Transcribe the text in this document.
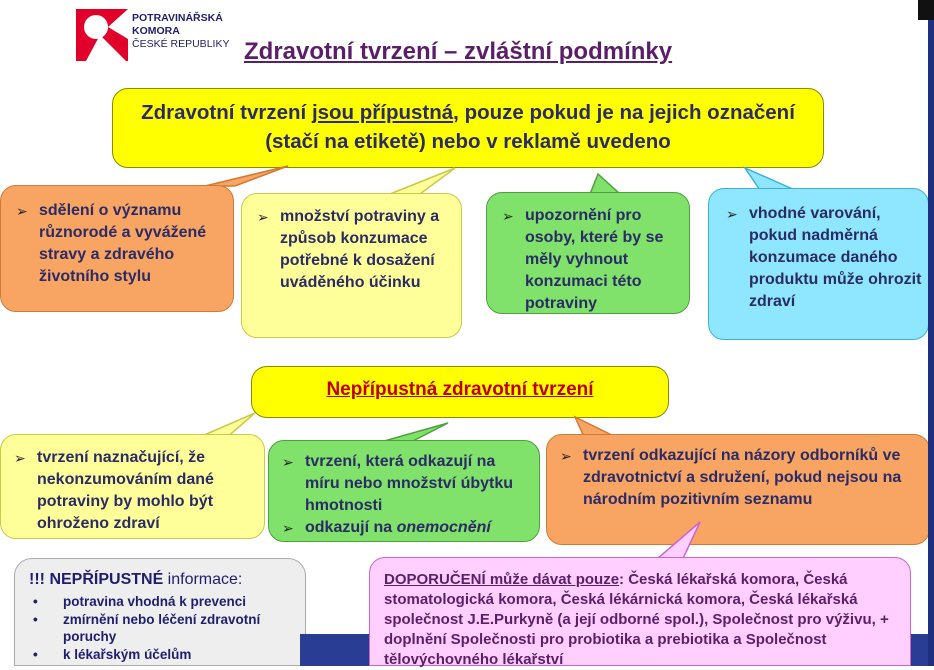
POTRAVINÁŘSKÁ
KOMORA
ČESKÉ REPUBLIKY Zdravotní tvrzení – zvláštní podmínky
Zdravotní tvrzení jsou přípustná, pouze pokud je na jejich označení (stačí na etiketě) nebo v reklamě uvedeno
➢ sdělení o významu různorodé a vyvážené stravy a zdravého životního stylu
➢ množství potraviny a způsob konzumace potřebné k dosažení uváděného účinku
➢ upozornění pro osoby, které by se měly vyhnout konzumaci této potraviny
➢ vhodné varování, pokud nadměrná konzumace daného produktu může ohrozit zdraví
Nepřípustná zdravotní tvrzení
➢ tvrzení naznačující, že nekonzumováním dané potraviny by mohlo být ohroženo zdraví
➢ tvrzení, která odkazují na míru nebo množství úbytku hmotnosti
➢ odkazují na onemocnění
➢ tvrzení odkazující na názory odborníků ve zdravotnictví a sdružení, pokud nejsou na národním pozitivním seznamu
!!! NEPŘÍPUSTNÉ informace:
• potravina vhodná k prevenci
• zmírnění nebo léčení zdravotní poruchy
• k lékařským účelům
DOPORUČENÍ může dávat pouze: Česká lékařská komora, Česká stomatologická komora, Česká lékárnická komora, Česká lékařská společnost J.E.Purkyně (a její odborné spol.), Společnost pro výživu, + doplnění Společnosti pro probiotika a prebiotika a Společnost tělovýchovného lékařství
